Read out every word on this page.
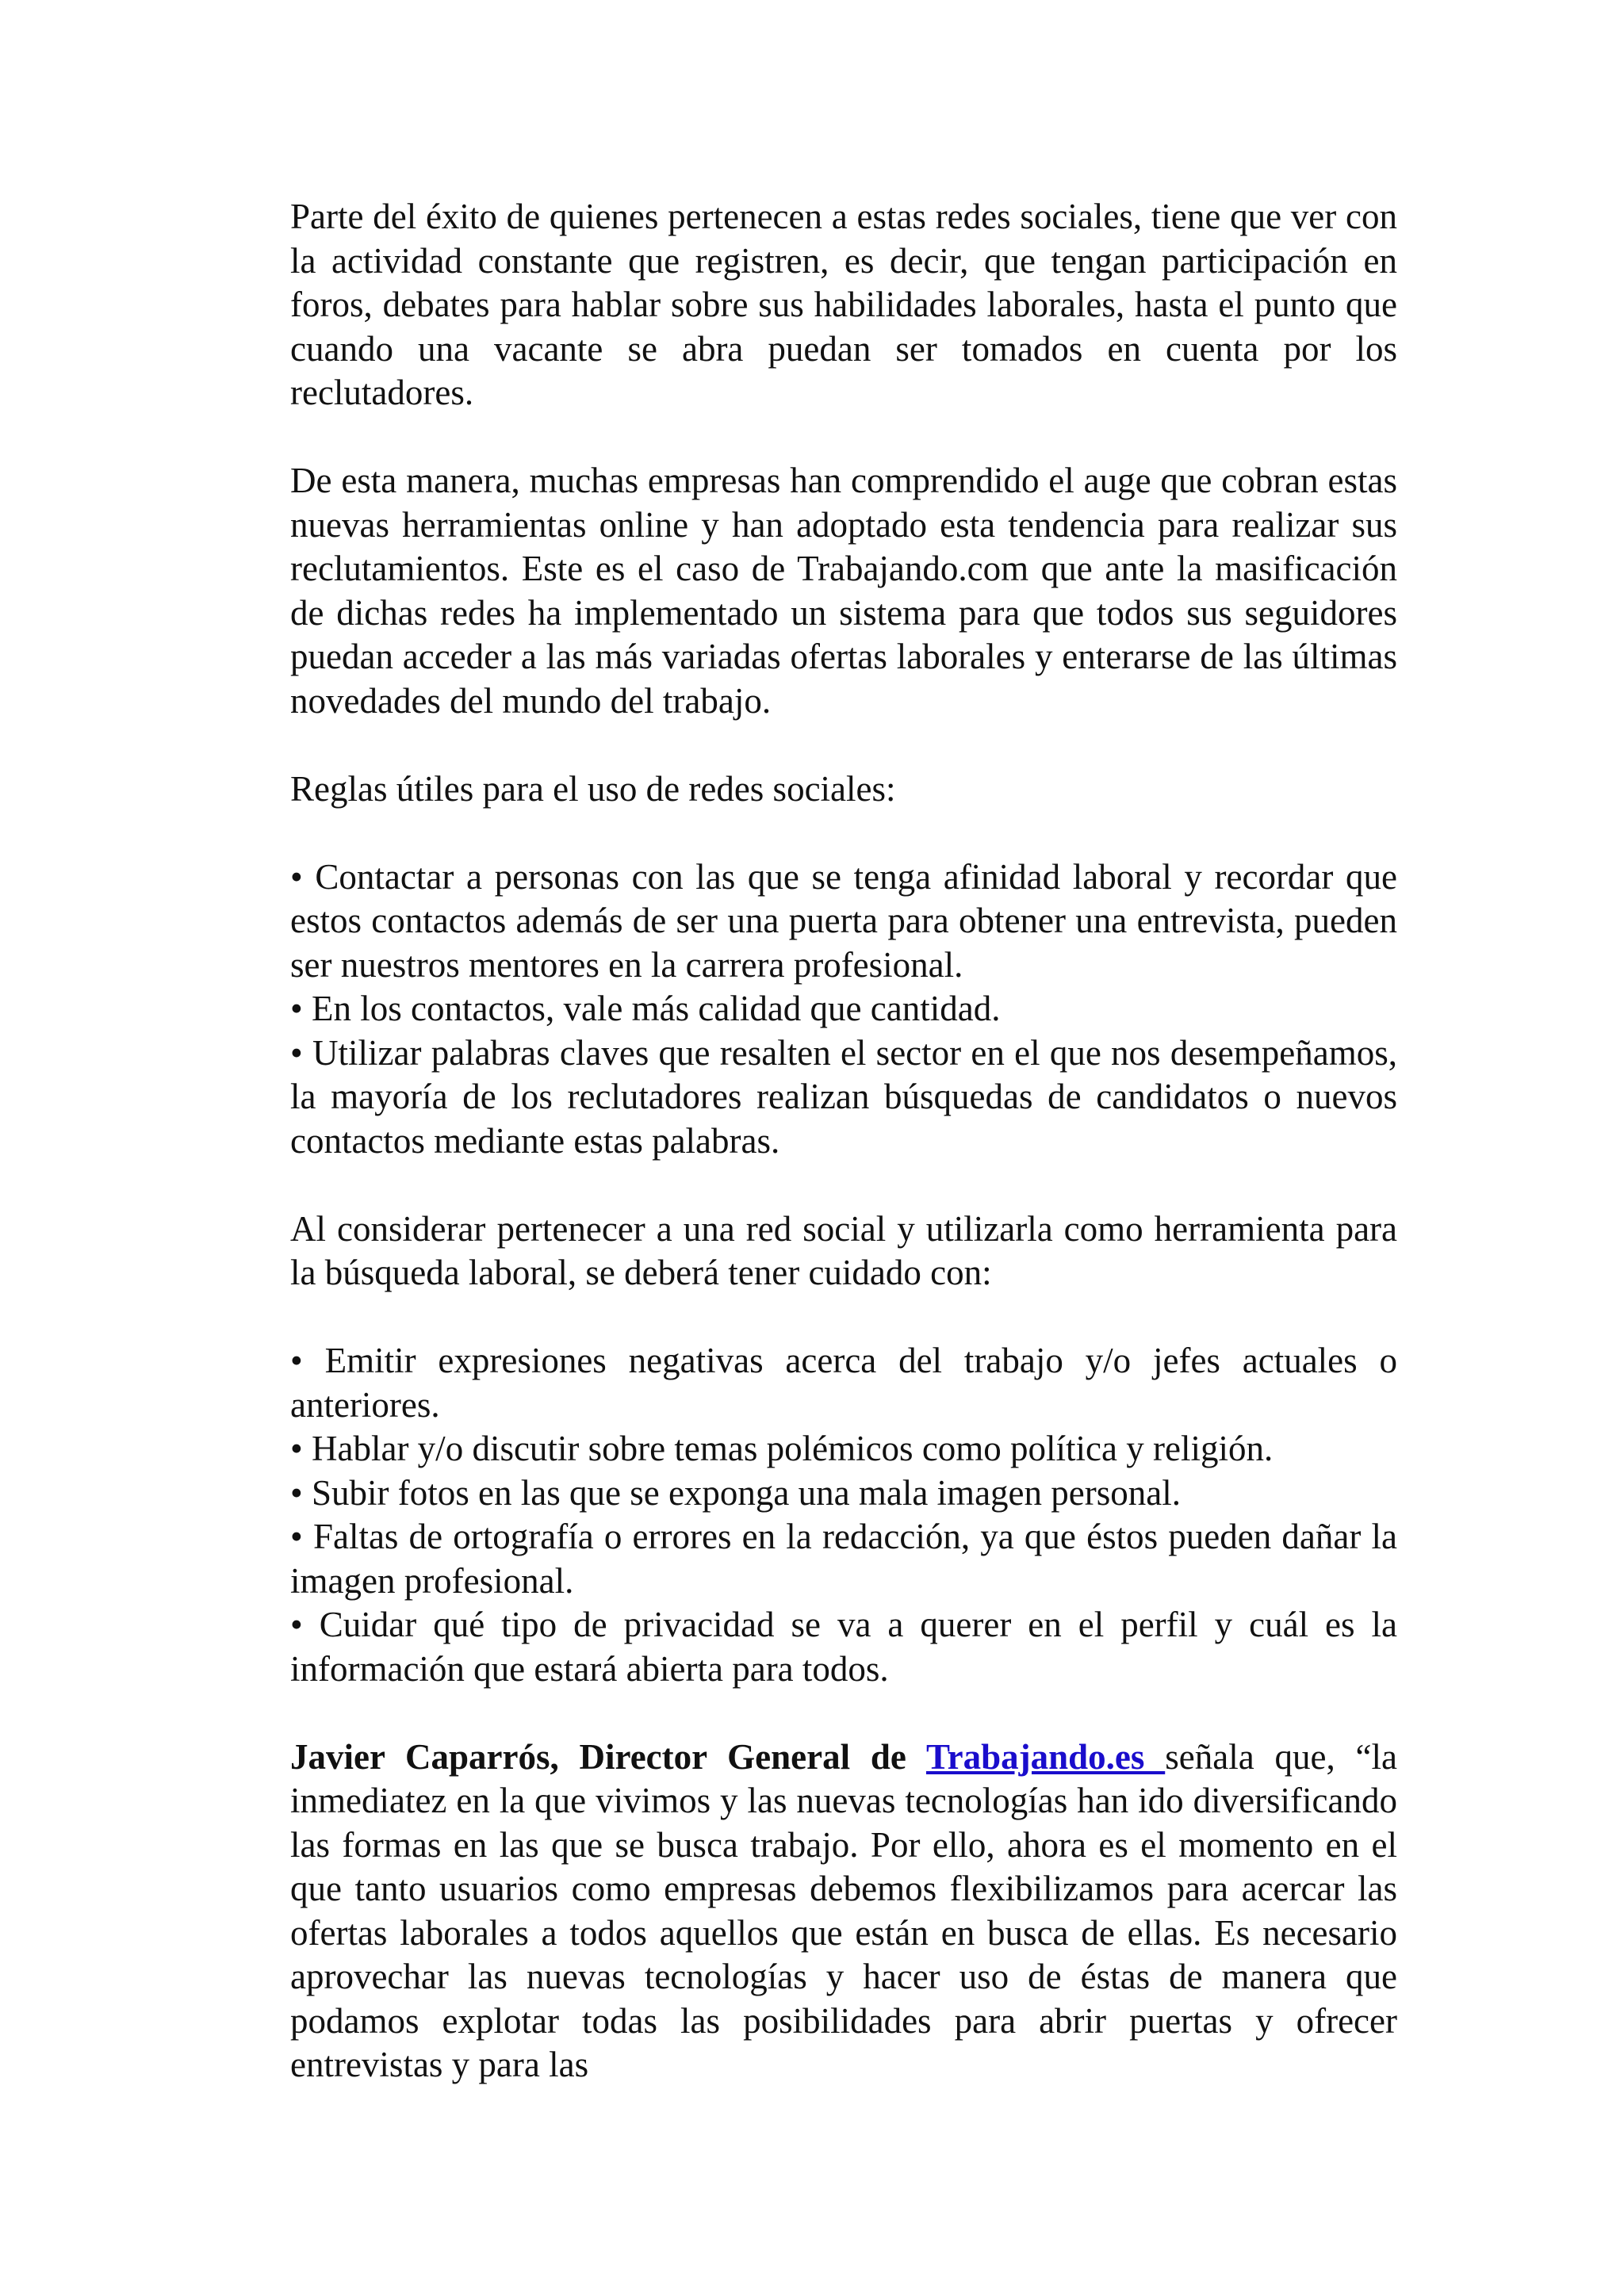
Parte del éxito de quienes pertenecen a estas redes sociales, tiene que ver con la actividad constante que registren, es decir, que tengan participación en foros, debates para hablar sobre sus habilidades laborales, hasta el punto que cuando una vacante se abra puedan ser tomados en cuenta por los reclutadores.

De esta manera, muchas empresas han comprendido el auge que cobran estas nuevas herramientas online y han adoptado esta tendencia para realizar sus reclutamientos. Este es el caso de Trabajando.com que ante la masificación de dichas redes ha implementado un sistema para que todos sus seguidores puedan acceder a las más variadas ofertas laborales y enterarse de las últimas novedades del mundo del trabajo.

Reglas útiles para el uso de redes sociales:

• Contactar a personas con las que se tenga afinidad laboral y recordar que estos contactos además de ser una puerta para obtener una entrevista, pueden ser nuestros mentores en la carrera profesional.

• En los contactos, vale más calidad que cantidad.

• Utilizar palabras claves que resalten el sector en el que nos desempeñamos, la mayoría de los reclutadores realizan búsquedas de candidatos o nuevos contactos mediante estas palabras.

Al considerar pertenecer a una red social y utilizarla como herramienta para la búsqueda laboral, se deberá tener cuidado con:

• Emitir expresiones negativas acerca del trabajo y/o jefes actuales o anteriores.

• Hablar y/o discutir sobre temas polémicos como política y religión.

• Subir fotos en las que se exponga una mala imagen personal.

• Faltas de ortografía o errores en la redacción, ya que éstos pueden dañar la imagen profesional.

• Cuidar qué tipo de privacidad se va a querer en el perfil y cuál es la información que estará abierta para todos.

Javier Caparrós, Director General de Trabajando.es señala que, “la inmediatez en la que vivimos y las nuevas tecnologías han ido diversificando las formas en las que se busca trabajo. Por ello, ahora es el momento en el que tanto usuarios como empresas debemos flexibilizamos para acercar las ofertas laborales a todos aquellos que están en busca de ellas. Es necesario aprovechar las nuevas tecnologías y hacer uso de éstas de manera que podamos explotar todas las posibilidades para abrir puertas y ofrecer entrevistas y para las
